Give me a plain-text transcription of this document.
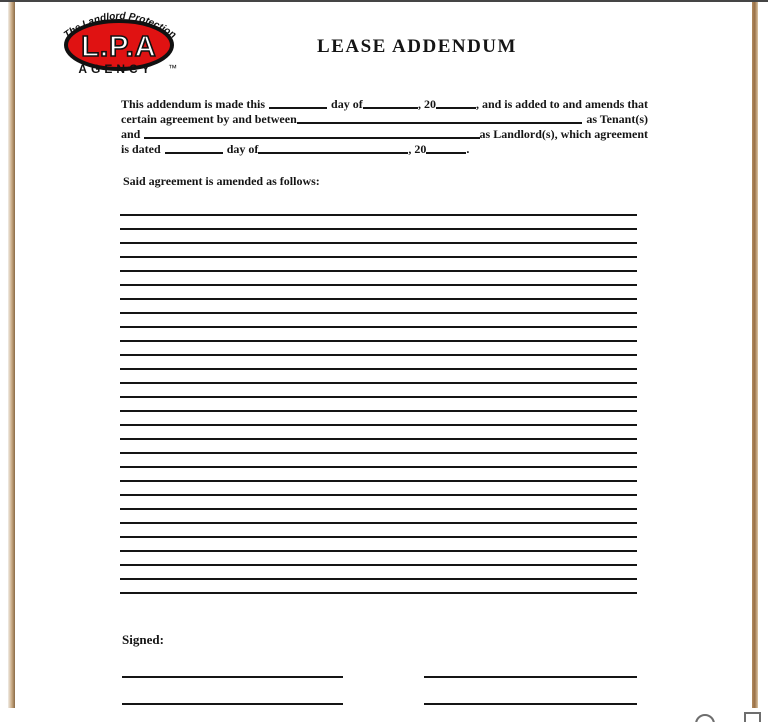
The Landlord Protection
L.P.A
AGENCY ™
LEASE ADDENDUM
This addendum is made this	day of	, 20	, and is added to and amends that
certain agreement by and between	as Tenant(s)
and	as Landlord(s), which agreement
is dated	day of	, 20	.
Said agreement is amended as follows:
Signed:
